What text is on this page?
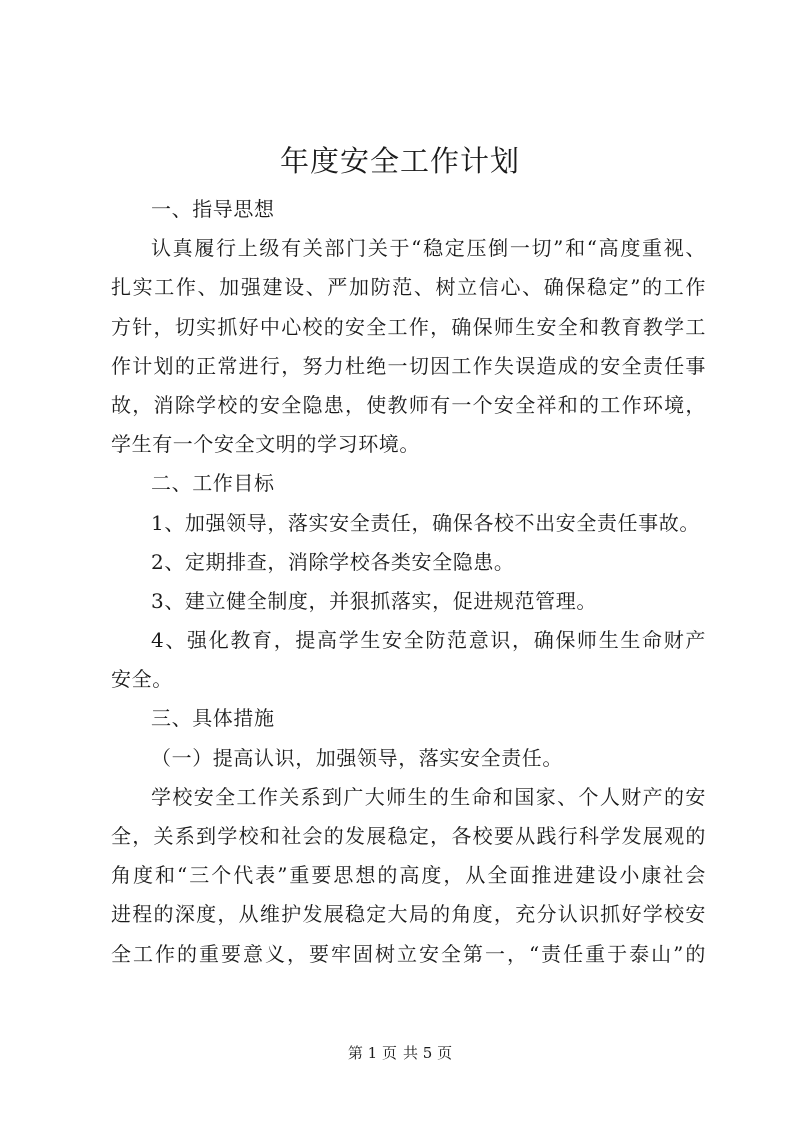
年度安全工作计划
一、指导思想
认真履行上级有关部门关于“稳定压倒一切”和“高度重视、
扎实工作、加强建设、严加防范、树立信心、确保稳定”的工作
方针，切实抓好中心校的安全工作，确保师生安全和教育教学工
作计划的正常进行，努力杜绝一切因工作失误造成的安全责任事
故，消除学校的安全隐患，使教师有一个安全祥和的工作环境，
学生有一个安全文明的学习环境。
二、工作目标
1、加强领导，落实安全责任，确保各校不出安全责任事故。
2、定期排查，消除学校各类安全隐患。
3、建立健全制度，并狠抓落实，促进规范管理。
4、强化教育，提高学生安全防范意识，确保师生生命财产
安全。
三、具体措施
（一）提高认识，加强领导，落实安全责任。
学校安全工作关系到广大师生的生命和国家、个人财产的安
全，关系到学校和社会的发展稳定，各校要从践行科学发展观的
角度和“三个代表”重要思想的高度，从全面推进建设小康社会
进程的深度，从维护发展稳定大局的角度，充分认识抓好学校安
全工作的重要意义，要牢固树立安全第一，“责任重于泰山”的
第 1 页 共 5 页
